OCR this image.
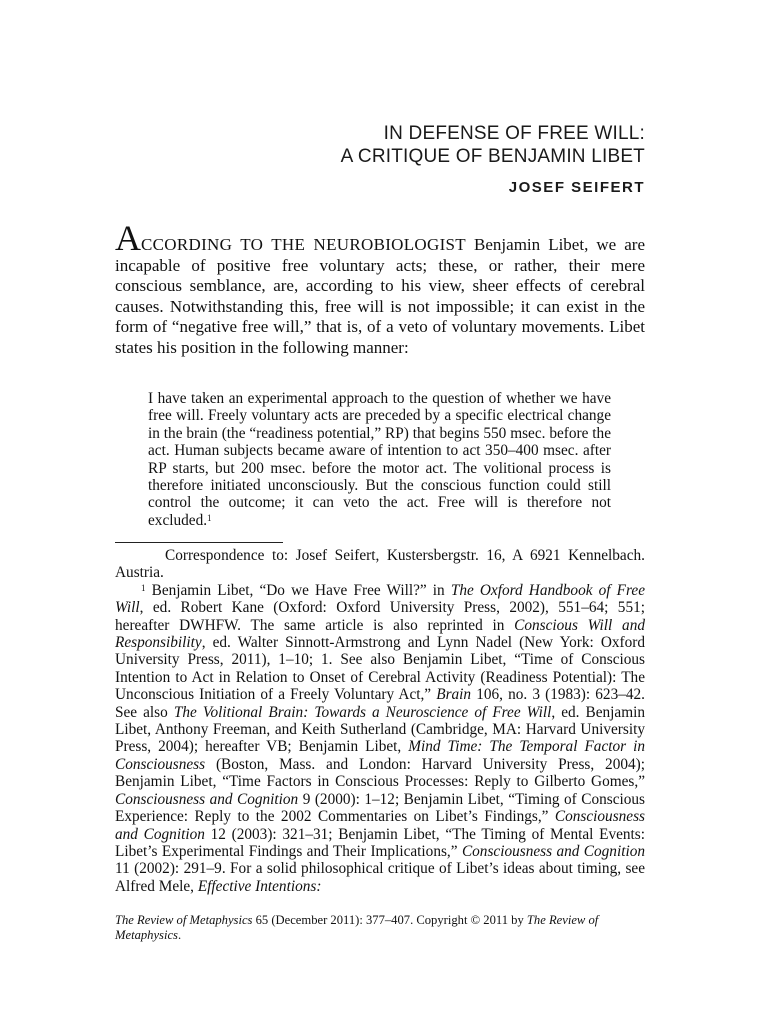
IN DEFENSE OF FREE WILL:
A CRITIQUE OF BENJAMIN LIBET
JOSEF SEIFERT

ACCORDING TO THE NEUROBIOLOGIST Benjamin Libet, we are incapable of positive free voluntary acts; these, or rather, their mere conscious semblance, are, according to his view, sheer effects of cerebral causes. Notwithstanding this, free will is not impossible; it can exist in the form of “negative free will,” that is, of a veto of voluntary movements. Libet states his position in the following manner:

I have taken an experimental approach to the question of whether we have free will. Freely voluntary acts are preceded by a specific electrical change in the brain (the “readiness potential,” RP) that begins 550 msec. before the act. Human subjects became aware of intention to act 350–400 msec. after RP starts, but 200 msec. before the motor act. The volitional process is therefore initiated unconsciously. But the conscious function could still control the outcome; it can veto the act. Free will is therefore not excluded.$^1$

Correspondence to: Josef Seifert, Kustersbergstr. 16, A 6921 Kennelbach. Austria.

$^1$ Benjamin Libet, “Do we Have Free Will?” in The Oxford Handbook of Free Will, ed. Robert Kane (Oxford: Oxford University Press, 2002), 551–64; 551; hereafter DWHFW. The same article is also reprinted in Conscious Will and Responsibility, ed. Walter Sinnott-Armstrong and Lynn Nadel (New York: Oxford University Press, 2011), 1–10; 1. See also Benjamin Libet, “Time of Conscious Intention to Act in Relation to Onset of Cerebral Activity (Readiness Potential): The Unconscious Initiation of a Freely Voluntary Act,” Brain 106, no. 3 (1983): 623–42. See also The Volitional Brain: Towards a Neuroscience of Free Will, ed. Benjamin Libet, Anthony Freeman, and Keith Sutherland (Cambridge, MA: Harvard University Press, 2004); hereafter VB; Benjamin Libet, Mind Time: The Temporal Factor in Consciousness (Boston, Mass. and London: Harvard University Press, 2004); Benjamin Libet, “Time Factors in Conscious Processes: Reply to Gilberto Gomes,” Consciousness and Cognition 9 (2000): 1–12; Benjamin Libet, “Timing of Conscious Experience: Reply to the 2002 Commentaries on Libet’s Findings,” Consciousness and Cognition 12 (2003): 321–31; Benjamin Libet, “The Timing of Mental Events: Libet’s Experimental Findings and Their Implications,” Consciousness and Cognition 11 (2002): 291–9. For a solid philosophical critique of Libet’s ideas about timing, see Alfred Mele, Effective Intentions:

The Review of Metaphysics 65 (December 2011): 377–407. Copyright © 2011 by The Review of Metaphysics.
